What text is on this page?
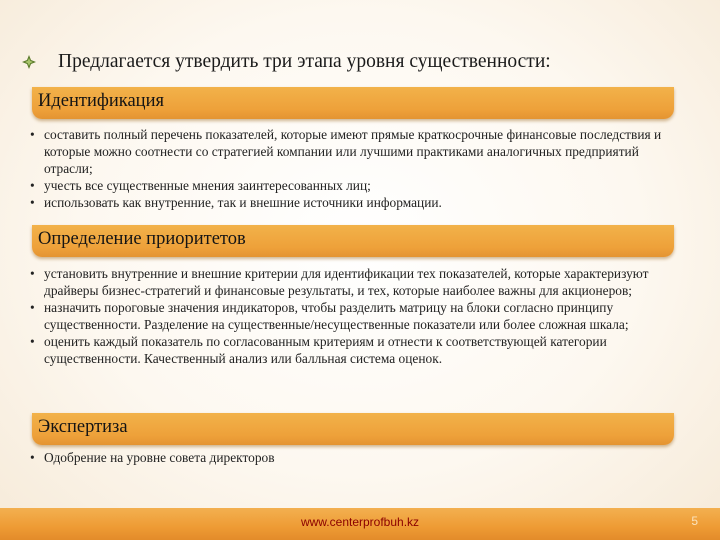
Предлагается утвердить три этапа уровня существенности:
Идентификация
• составить полный перечень показателей, которые имеют прямые краткосрочные финансовые последствия и которые можно соотнести со стратегией компании или лучшими практиками аналогичных предприятий отрасли;
• учесть все существенные мнения заинтересованных лиц;
• использовать как внутренние, так и внешние источники информации.
Определение приоритетов
• установить внутренние и внешние критерии для идентификации тех показателей, которые характеризуют драйверы бизнес-стратегий и финансовые результаты, и тех, которые наиболее важны для акционеров;
• назначить пороговые значения индикаторов, чтобы разделить матрицу на блоки согласно принципу существенности. Разделение на существенные/несущественные показатели или более сложная шкала;
• оценить каждый показатель по согласованным критериям и отнести к соответствующей категории существенности. Качественный анализ или балльная система оценок.
Экспертиза
• Одобрение на уровне совета директоров
www.centerprofbuh.kz	5
